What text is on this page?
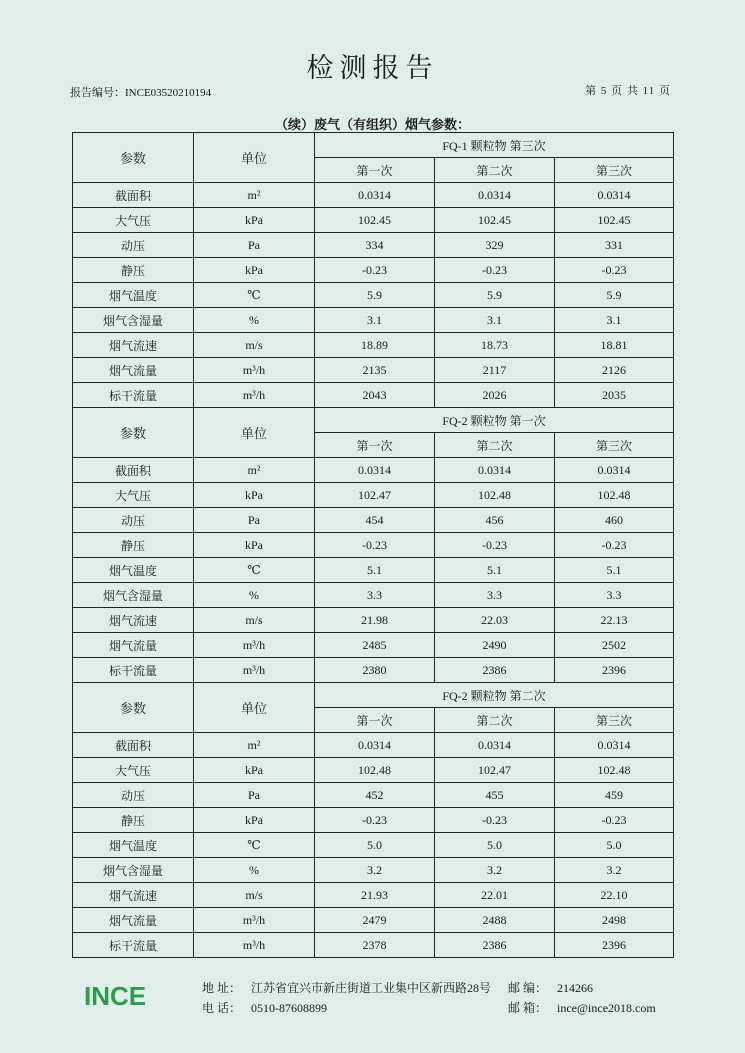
检测报告
报告编号：INCE03520210194	第 5 页 共 11 页
（续）废气（有组织）烟气参数：
参数	单位	FQ-1 颗粒物 第三次		
		第一次	第二次	第三次
截面积	m²	0.0314	0.0314	0.0314
大气压	kPa	102.45	102.45	102.45
动压	Pa	334	329	331
静压	kPa	-0.23	-0.23	-0.23
烟气温度	℃	5.9	5.9	5.9
烟气含湿量	%	3.1	3.1	3.1
烟气流速	m/s	18.89	18.73	18.81
烟气流量	m³/h	2135	2117	2126
标干流量	m³/h	2043	2026	2035
参数	单位	FQ-2 颗粒物 第一次		
		第一次	第二次	第三次
截面积	m²	0.0314	0.0314	0.0314
大气压	kPa	102.47	102.48	102.48
动压	Pa	454	456	460
静压	kPa	-0.23	-0.23	-0.23
烟气温度	℃	5.1	5.1	5.1
烟气含湿量	%	3.3	3.3	3.3
烟气流速	m/s	21.98	22.03	22.13
烟气流量	m³/h	2485	2490	2502
标干流量	m³/h	2380	2386	2396
参数	单位	FQ-2 颗粒物 第二次		
		第一次	第二次	第三次
截面积	m²	0.0314	0.0314	0.0314
大气压	kPa	102.48	102.47	102.48
动压	Pa	452	455	459
静压	kPa	-0.23	-0.23	-0.23
烟气温度	℃	5.0	5.0	5.0
烟气含湿量	%	3.2	3.2	3.2
烟气流速	m/s	21.93	22.01	22.10
烟气流量	m³/h	2479	2488	2498
标干流量	m³/h	2378	2386	2396
INCE	地 址： 江苏省宜兴市新庄街道工业集中区新西路28号
电 话： 0510-87608899
邮 编： 214266
邮 箱： ince@ince2018.com
